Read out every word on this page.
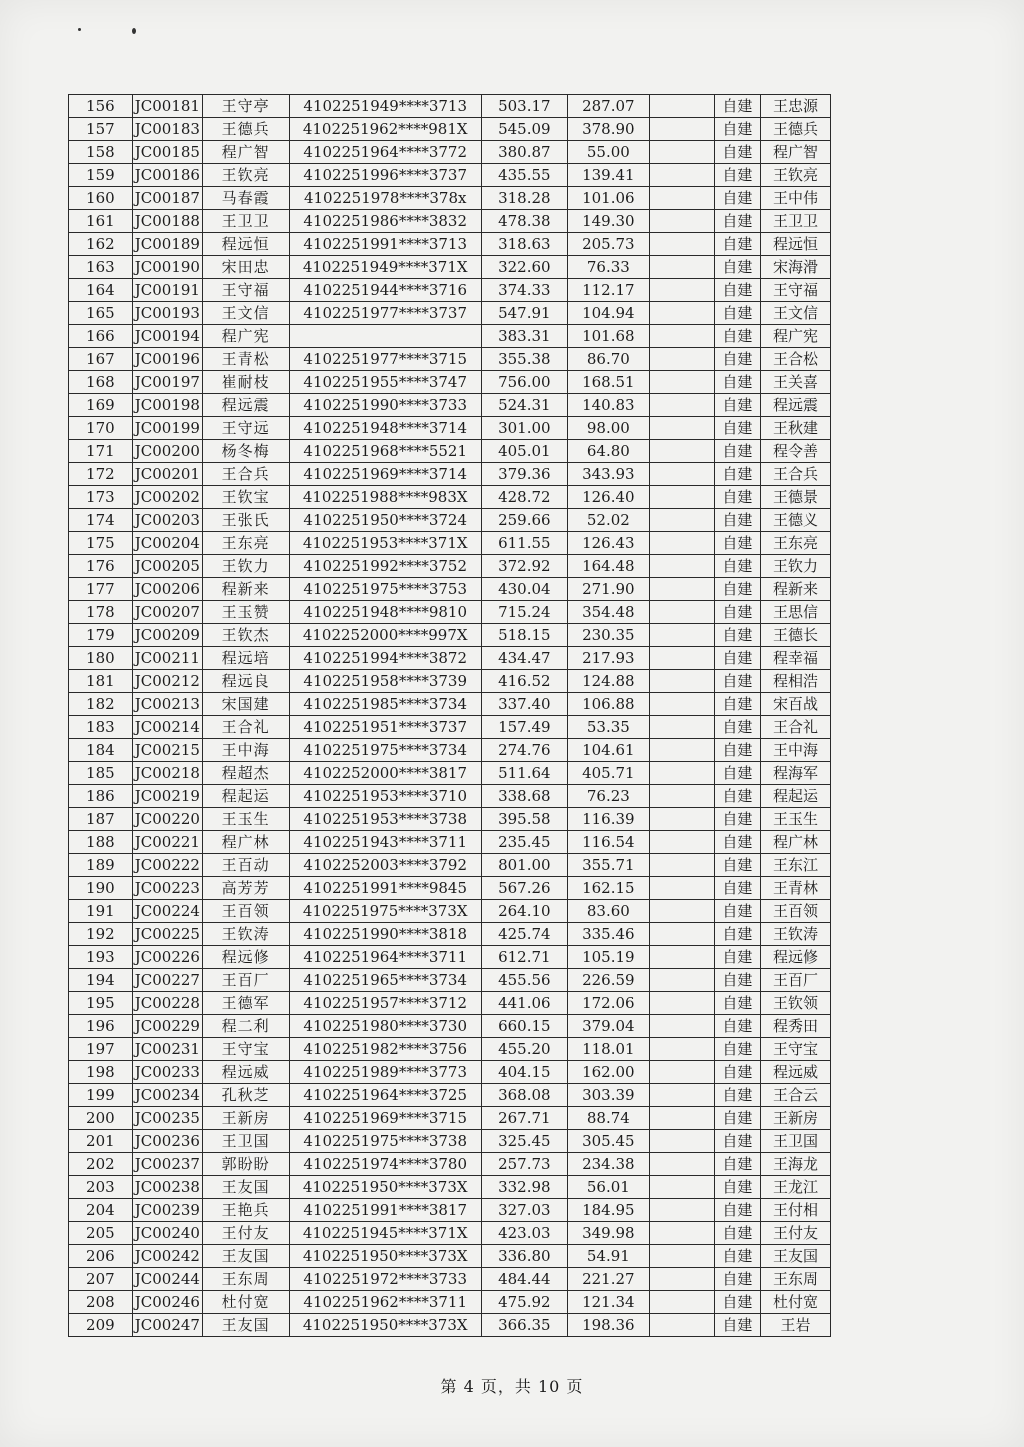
156	JC00181	王守亭	4102251949****3713	503.17	287.07		自建	王忠源
157	JC00183	王德兵	4102251962****981X	545.09	378.90		自建	王德兵
158	JC00185	程广智	4102251964****3772	380.87	55.00		自建	程广智
159	JC00186	王钦亮	4102251996****3737	435.55	139.41		自建	王钦亮
160	JC00187	马春霞	4102251978****378x	318.28	101.06		自建	王中伟
161	JC00188	王卫卫	4102251986****3832	478.38	149.30		自建	王卫卫
162	JC00189	程远恒	4102251991****3713	318.63	205.73		自建	程远恒
163	JC00190	宋田忠	4102251949****371X	322.60	76.33		自建	宋海滑
164	JC00191	王守福	4102251944****3716	374.33	112.17		自建	王守福
165	JC00193	王文信	4102251977****3737	547.91	104.94		自建	王文信
166	JC00194	程广宪		383.31	101.68		自建	程广宪
167	JC00196	王青松	4102251977****3715	355.38	86.70		自建	王合松
168	JC00197	崔耐枝	4102251955****3747	756.00	168.51		自建	王关喜
169	JC00198	程远震	4102251990****3733	524.31	140.83		自建	程远震
170	JC00199	王守远	4102251948****3714	301.00	98.00		自建	王秋建
171	JC00200	杨冬梅	4102251968****5521	405.01	64.80		自建	程令善
172	JC00201	王合兵	4102251969****3714	379.36	343.93		自建	王合兵
173	JC00202	王钦宝	4102251988****983X	428.72	126.40		自建	王德景
174	JC00203	王张氏	4102251950****3724	259.66	52.02		自建	王德义
175	JC00204	王东亮	4102251953****371X	611.55	126.43		自建	王东亮
176	JC00205	王钦力	4102251992****3752	372.92	164.48		自建	王钦力
177	JC00206	程新来	4102251975****3753	430.04	271.90		自建	程新来
178	JC00207	王玉赞	4102251948****9810	715.24	354.48		自建	王思信
179	JC00209	王钦杰	4102252000****997X	518.15	230.35		自建	王德长
180	JC00211	程远培	4102251994****3872	434.47	217.93		自建	程幸福
181	JC00212	程远良	4102251958****3739	416.52	124.88		自建	程相浩
182	JC00213	宋国建	4102251985****3734	337.40	106.88		自建	宋百战
183	JC00214	王合礼	4102251951****3737	157.49	53.35		自建	王合礼
184	JC00215	王中海	4102251975****3734	274.76	104.61		自建	王中海
185	JC00218	程超杰	4102252000****3817	511.64	405.71		自建	程海军
186	JC00219	程起运	4102251953****3710	338.68	76.23		自建	程起运
187	JC00220	王玉生	4102251953****3738	395.58	116.39		自建	王玉生
188	JC00221	程广林	4102251943****3711	235.45	116.54		自建	程广林
189	JC00222	王百动	4102252003****3792	801.00	355.71		自建	王东江
190	JC00223	高芳芳	4102251991****9845	567.26	162.15		自建	王青林
191	JC00224	王百领	4102251975****373X	264.10	83.60		自建	王百领
192	JC00225	王钦涛	4102251990****3818	425.74	335.46		自建	王钦涛
193	JC00226	程远修	4102251964****3711	612.71	105.19		自建	程远修
194	JC00227	王百厂	4102251965****3734	455.56	226.59		自建	王百厂
195	JC00228	王德军	4102251957****3712	441.06	172.06		自建	王钦领
196	JC00229	程二利	4102251980****3730	660.15	379.04		自建	程秀田
197	JC00231	王守宝	4102251982****3756	455.20	118.01		自建	王守宝
198	JC00233	程远威	4102251989****3773	404.15	162.00		自建	程远威
199	JC00234	孔秋芝	4102251964****3725	368.08	303.39		自建	王合云
200	JC00235	王新房	4102251969****3715	267.71	88.74		自建	王新房
201	JC00236	王卫国	4102251975****3738	325.45	305.45		自建	王卫国
202	JC00237	郭盼盼	4102251974****3780	257.73	234.38		自建	王海龙
203	JC00238	王友国	4102251950****373X	332.98	56.01		自建	王龙江
204	JC00239	王艳兵	4102251991****3817	327.03	184.95		自建	王付相
205	JC00240	王付友	4102251945****371X	423.03	349.98		自建	王付友
206	JC00242	王友国	4102251950****373X	336.80	54.91		自建	王友国
207	JC00244	王东周	4102251972****3733	484.44	221.27		自建	王东周
208	JC00246	杜付宽	4102251962****3711	475.92	121.34		自建	杜付宽
209	JC00247	王友国	4102251950****373X	366.35	198.36		自建	王岩
第 4 页，共 10 页
